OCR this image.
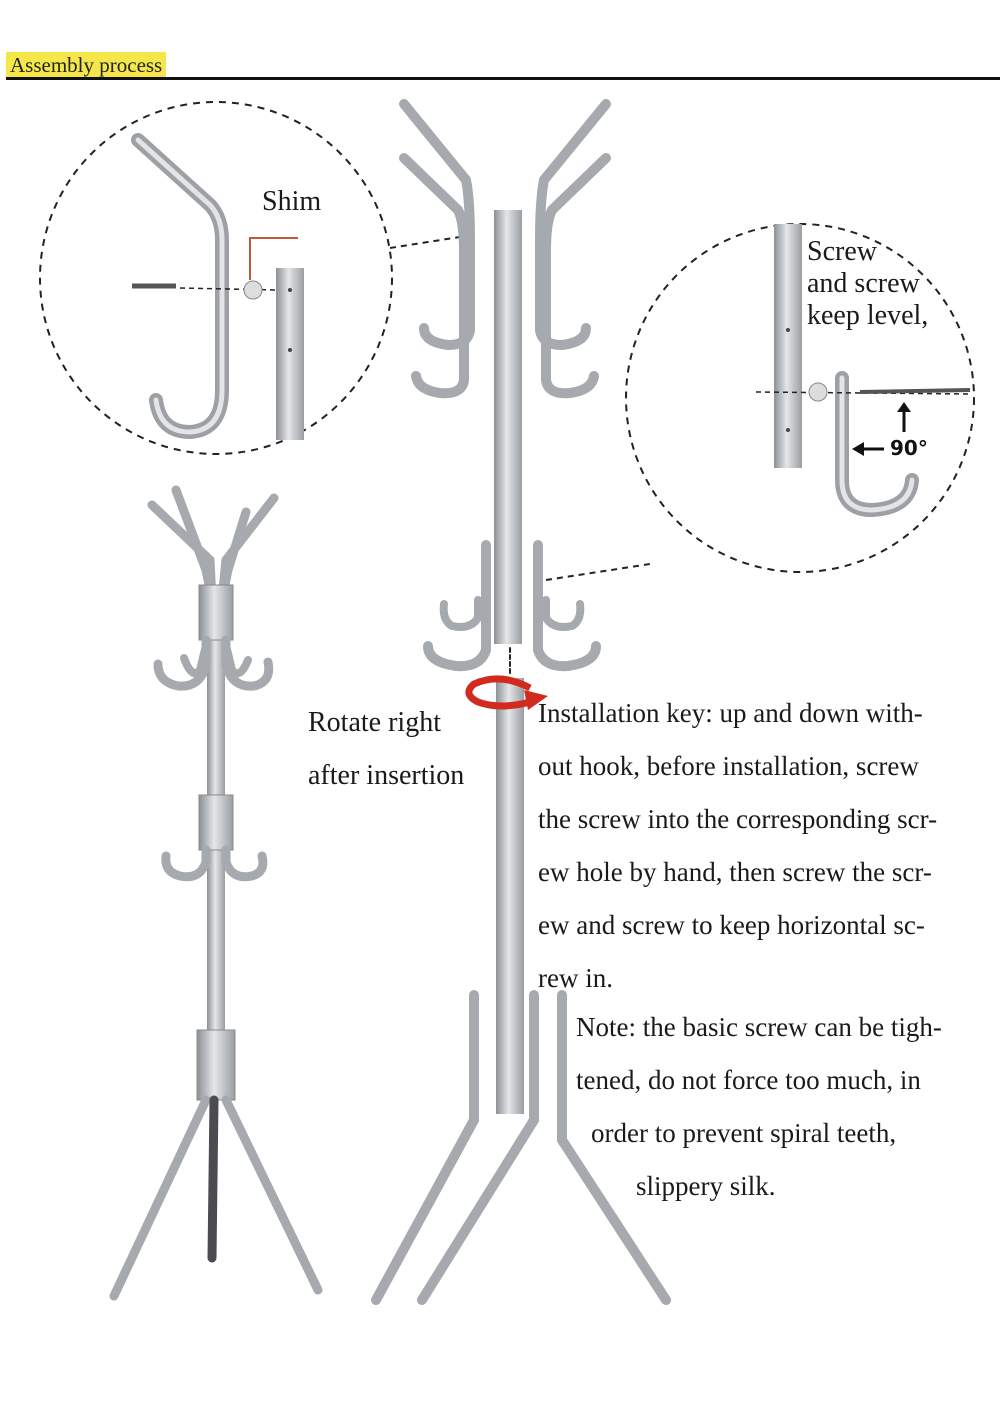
Assembly process
Shim
Screw
and screw
keep level,
90°
Rotate right
after insertion
Installation key: up and down with-
out hook, before installation, screw
the screw into the corresponding scr-
ew hole by hand, then screw the scr-
ew and screw to keep horizontal sc-
rew in.
Note: the basic screw can be tigh-
tened, do not force too much, in
order to prevent spiral teeth,
slippery silk.
